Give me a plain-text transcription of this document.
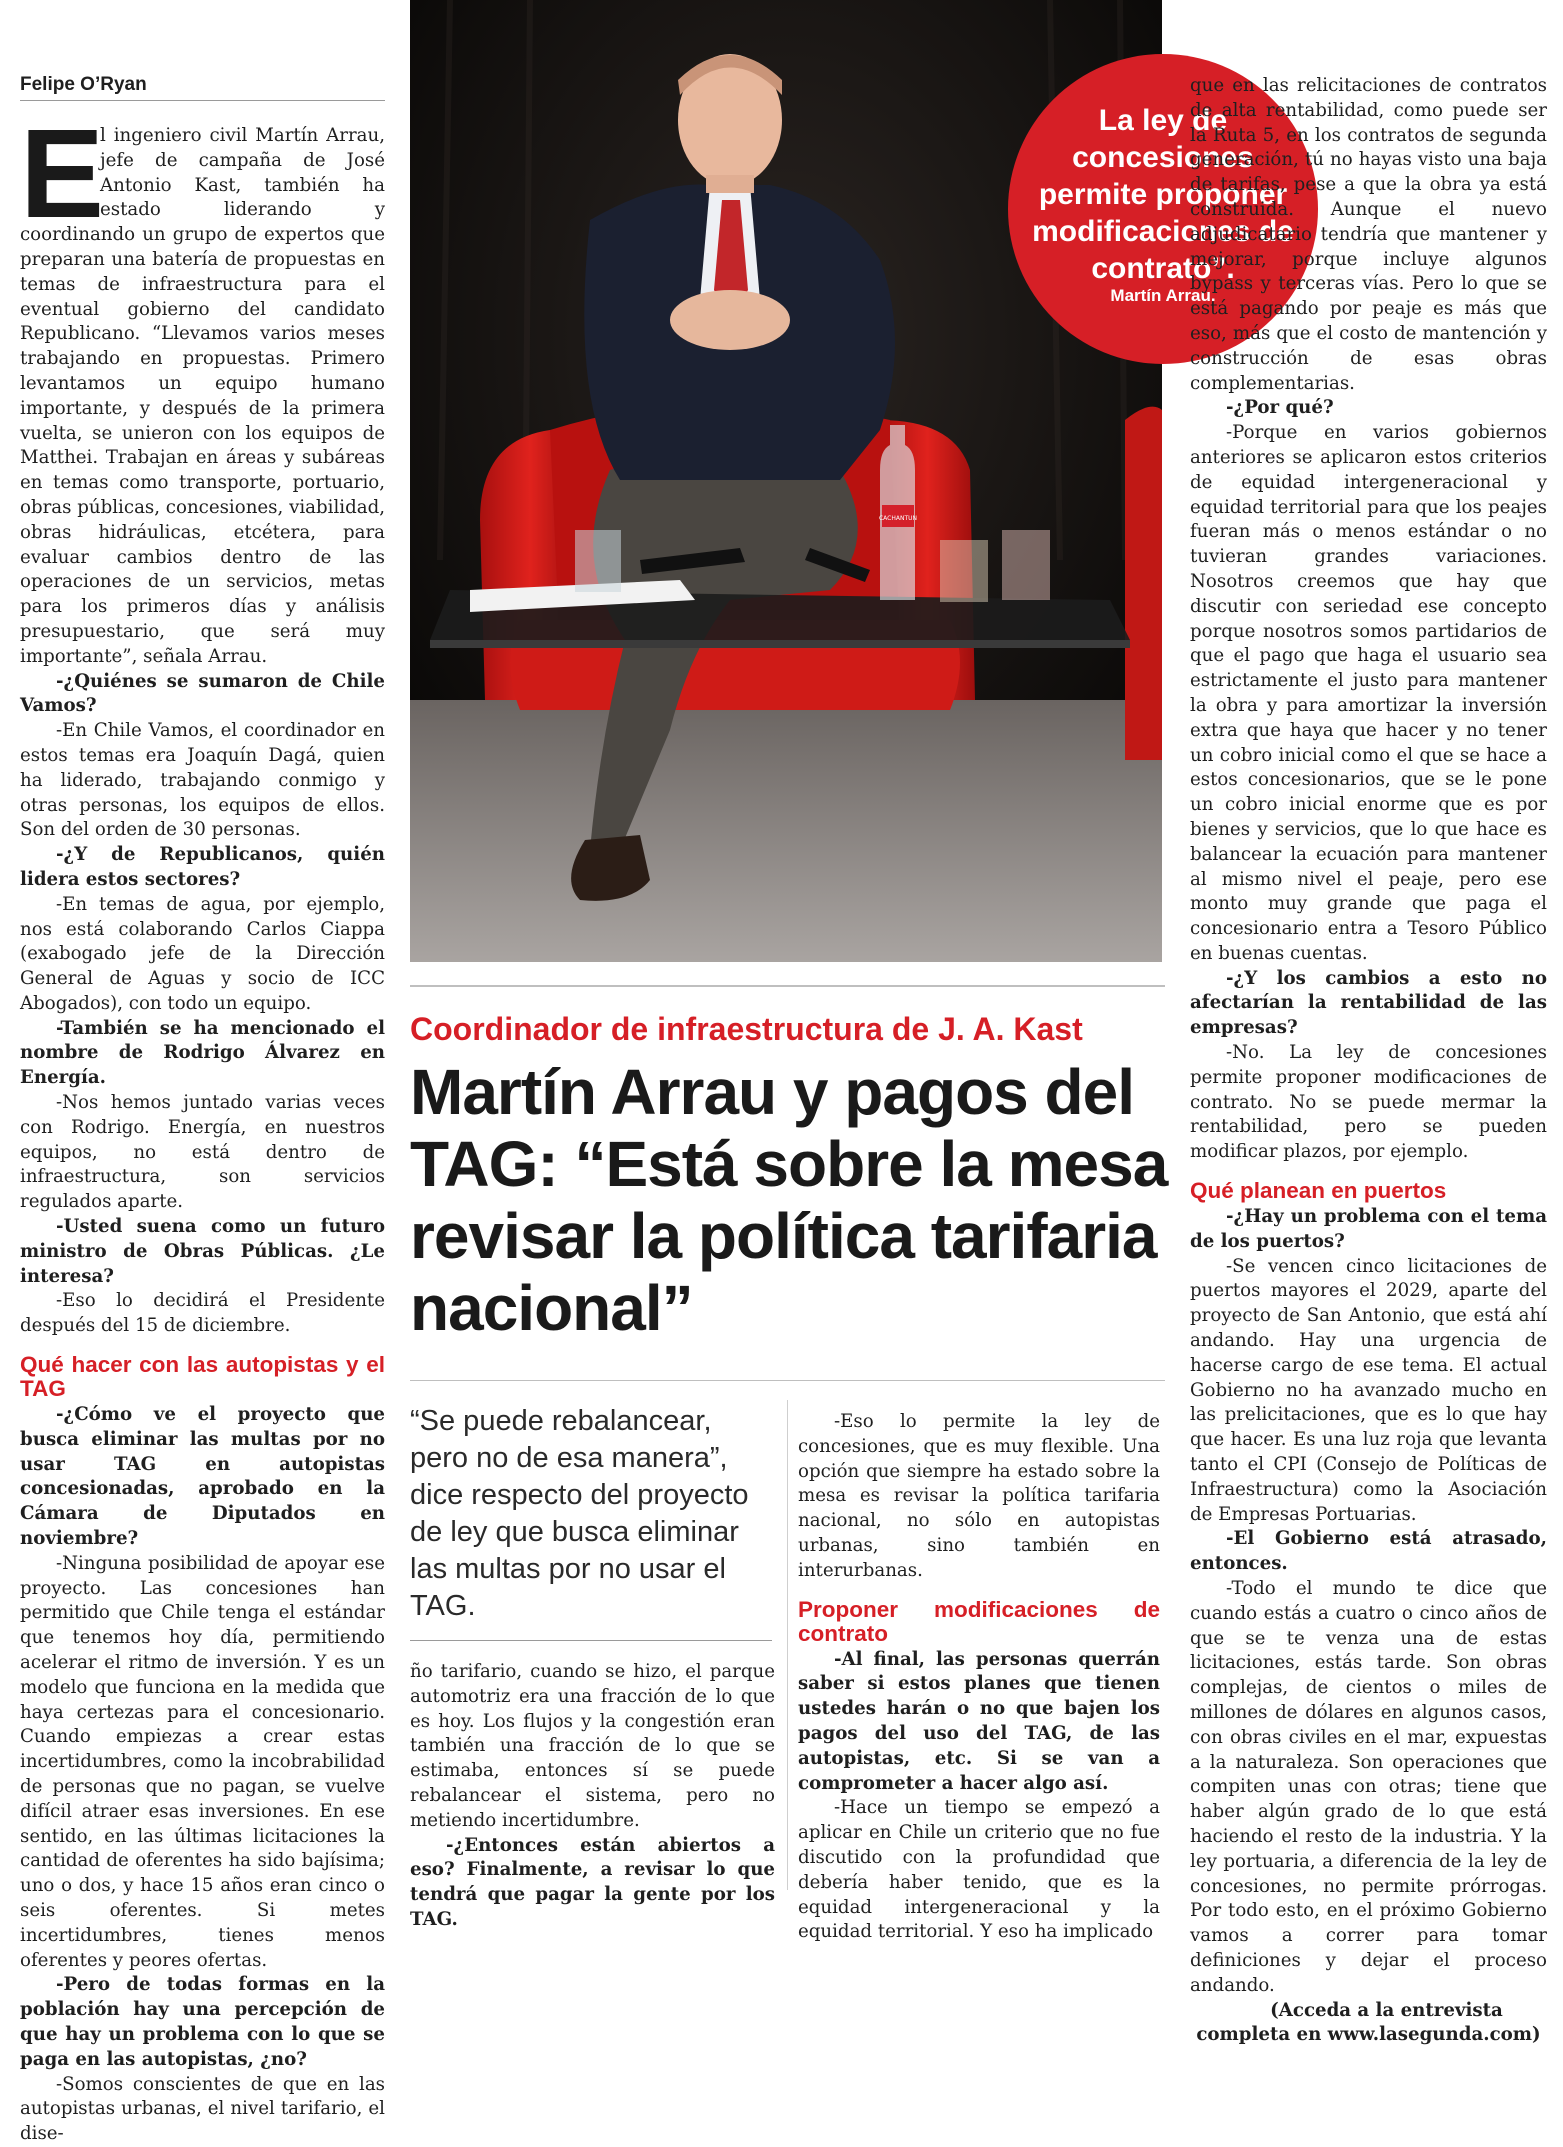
Felipe O’Ryan

E
l ingeniero civil Martín Arrau, jefe de campaña de José Antonio Kast, también ha estado liderando y coordinando un grupo de expertos que preparan una batería de propuestas en temas de infraestructura para el eventual gobierno del candidato Republicano. “Llevamos varios meses trabajando en propuestas. Primero levantamos un equipo humano importante, y después de la primera vuelta, se unieron con los equipos de Matthei. Trabajan en áreas y subáreas en temas como transporte, portuario, obras públicas, concesiones, viabilidad, obras hidráulicas, etcétera, para evaluar cambios dentro de las operaciones de un servicios, metas para los primeros días y análisis presupuestario, que será muy importante”, señala Arrau.

-¿Quiénes se sumaron de Chile Vamos?

-En Chile Vamos, el coordinador en estos temas era Joaquín Dagá, quien ha liderado, trabajando conmigo y otras personas, los equipos de ellos. Son del orden de 30 personas.

-¿Y de Republicanos, quién lidera estos sectores?

-En temas de agua, por ejemplo, nos está colaborando Carlos Ciappa (exabogado jefe de la Dirección General de Aguas y socio de ICC Abogados), con todo un equipo.

-También se ha mencionado el nombre de Rodrigo Álvarez en Energía.

-Nos hemos juntado varias veces con Rodrigo. Energía, en nuestros equipos, no está dentro de infraestructura, son servicios regulados aparte.

-Usted suena como un futuro ministro de Obras Públicas. ¿Le interesa?

-Eso lo decidirá el Presidente después del 15 de diciembre.

Qué hacer con las autopistas y el TAG

-¿Cómo ve el proyecto que busca eliminar las multas por no usar TAG en autopistas concesionadas, aprobado en la Cámara de Diputados en noviembre?

-Ninguna posibilidad de apoyar ese proyecto. Las concesiones han permitido que Chile tenga el estándar que tenemos hoy día, permitiendo acelerar el ritmo de inversión. Y es un modelo que funciona en la medida que haya certezas para el concesionario. Cuando empiezas a crear estas incertidumbres, como la incobrabilidad de personas que no pagan, se vuelve difícil atraer esas inversiones. En ese sentido, en las últimas licitaciones la cantidad de oferentes ha sido bajísima; uno o dos, y hace 15 años eran cinco o seis oferentes. Si metes incertidumbres, tienes menos oferentes y peores ofertas.

-Pero de todas formas en la población hay una percepción de que hay un problema con lo que se paga en las autopistas, ¿no?

-Somos conscientes de que en las autopistas urbanas, el nivel tarifario, el dise-

CACHANTUN
La ley de concesiones permite proponer modificaciones de contrato”.
Martín Arrau.

que en las relicitaciones de contratos de alta rentabilidad, como puede ser la Ruta 5, en los contratos de segunda generación, tú no hayas visto una baja de tarifas, pese a que la obra ya está construida. Aunque el nuevo adjudicatario tendría que mantener y mejorar, porque incluye algunos bypass y terceras vías. Pero lo que se está pagando por peaje es más que eso, más que el costo de mantención y construcción de esas obras complementarias.

-¿Por qué?

-Porque en varios gobiernos anteriores se aplicaron estos criterios de equidad intergeneracional y equidad territorial para que los peajes fueran más o menos estándar o no tuvieran grandes variaciones. Nosotros creemos que hay que discutir con seriedad ese concepto porque nosotros somos partidarios de que el pago que haga el usuario sea estrictamente el justo para mantener la obra y para amortizar la inversión extra que haya que hacer y no tener un cobro inicial como el que se hace a estos concesionarios, que se le pone un cobro inicial enorme que es por bienes y servicios, que lo que hace es balancear la ecuación para mantener al mismo nivel el peaje, pero ese monto muy grande que paga el concesionario entra a Tesoro Público en buenas cuentas.

-¿Y los cambios a esto no afectarían la rentabilidad de las empresas?

-No. La ley de concesiones permite proponer modificaciones de contrato. No se puede mermar la rentabilidad, pero se pueden modificar plazos, por ejemplo.

Qué planean en puertos

-¿Hay un problema con el tema de los puertos?

-Se vencen cinco licitaciones de puertos mayores el 2029, aparte del proyecto de San Antonio, que está ahí andando. Hay una urgencia de hacerse cargo de ese tema. El actual Gobierno no ha avanzado mucho en las prelicitaciones, que es lo que hay que hacer. Es una luz roja que levanta tanto el CPI (Consejo de Políticas de Infraestructura) como la Asociación de Empresas Portuarias.

-El Gobierno está atrasado, entonces.

-Todo el mundo te dice que cuando estás a cuatro o cinco años de que se te venza una de estas licitaciones, estás tarde. Son obras complejas, de cientos o miles de millones de dólares en algunos casos, con obras civiles en el mar, expuestas a la naturaleza. Son operaciones que compiten unas con otras; tiene que haber algún grado de lo que está haciendo el resto de la industria. Y la ley portuaria, a diferencia de la ley de concesiones, no permite prórrogas. Por todo esto, en el próximo Gobierno vamos a correr para tomar definiciones y dejar el proceso andando.

(Acceda a la entrevista completa en www.lasegunda.com)

Coordinador de infraestructura de J. A. Kast
Martín Arrau y pagos del TAG: “Está sobre la mesa revisar la política tarifaria nacional”
“Se puede rebalancear, pero no de esa manera”, dice respecto del proyecto de ley que busca eliminar las multas por no usar el TAG.

ño tarifario, cuando se hizo, el parque automotriz era una fracción de lo que es hoy. Los flujos y la congestión eran también una fracción de lo que se estimaba, entonces sí se puede rebalancear el sistema, pero no metiendo incertidumbre.

-¿Entonces están abiertos a eso? Finalmente, a revisar lo que tendrá que pagar la gente por los TAG.

-Eso lo permite la ley de concesiones, que es muy flexible. Una opción que siempre ha estado sobre la mesa es revisar la política tarifaria nacional, no sólo en autopistas urbanas, sino también en interurbanas.

Proponer modificaciones de contrato

-Al final, las personas querrán saber si estos planes que tienen ustedes harán o no que bajen los pagos del uso del TAG, de las autopistas, etc. Si se van a comprometer a hacer algo así.

-Hace un tiempo se empezó a aplicar en Chile un criterio que no fue discutido con la profundidad que debería haber tenido, que es la equidad intergeneracional y la equidad territorial. Y eso ha implicado
